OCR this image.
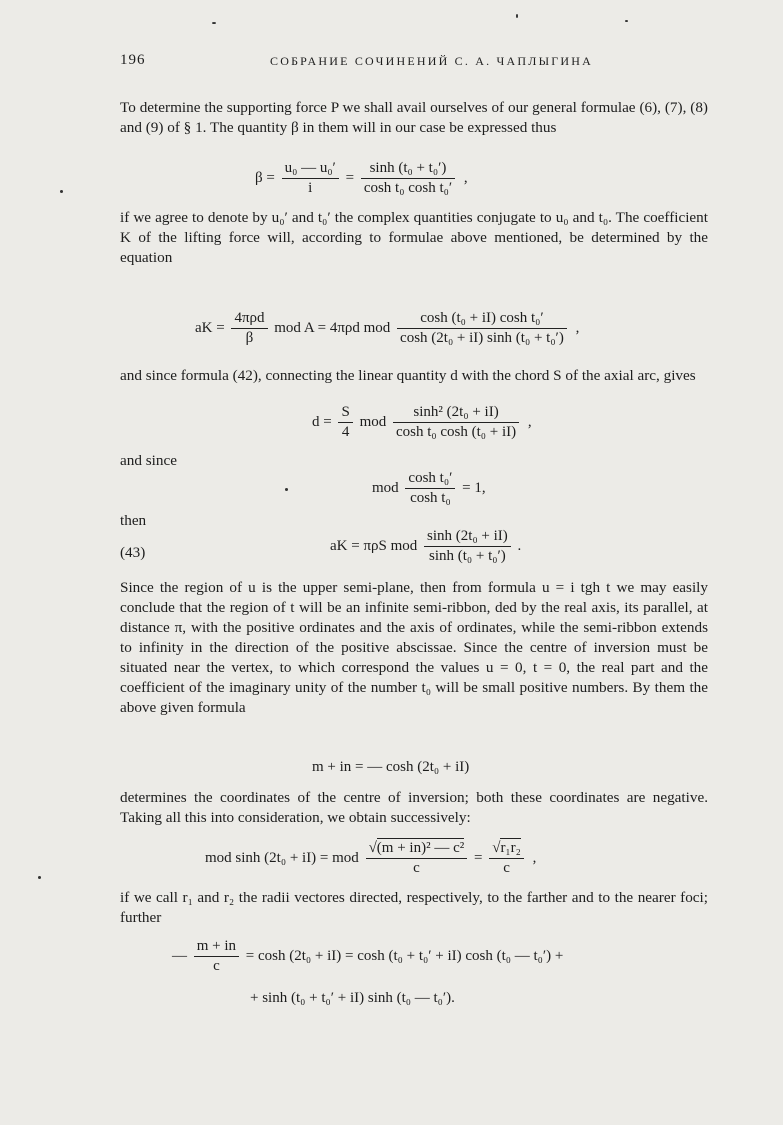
196	СОБРАНИЕ СОЧИНЕНИЙ С. А. ЧАПЛЫГИНА

To determine the supporting force P we shall avail ourselves of our general formulae (6), (7), (8) and (9) of § 1. The quantity β in them will in our case be expressed thus

$\beta = \frac{\text{u₀ — u₀′}}{i} = \frac{\text{sinh (t₀ + t₀′)}}{\text{cosh t₀ cosh t₀′}}$ ,

if we agree to denote by u₀′ and t₀′ the complex quantities conjugate to u₀ and t₀. The coefficient K of the lifting force will, according to formulae above mentioned, be determined by the equation

aK = $\frac{\text{4πρd}}{\beta}$ mod A = 4πρd mod $\frac{\text{cosh (t₀ + iI) cosh t₀′}}{\text{cosh (2t₀ + iI) sinh (t₀ + t₀′)}}$ ,

and since formula (42), connecting the linear quantity d with the chord S of the axial arc, gives

$d = \frac{S}{4}$ mod $\frac{\text{sinh² (2t₀ + iI)}}{\text{cosh t₀ cosh (t₀ + iI)}}$ ,
and since
mod $\frac{\text{cosh t₀′}}{\text{cosh t₀}} = 1$,
then
(43)	aK = πρS mod $\frac{\text{sinh (2t₀ + iI)}}{\text{sinh (t₀ + t₀′)}}$ .

Since the region of u is the upper semi-plane, then from formula u = i tgh t we may easily conclude that the region of t will be an infinite semi-ribbon, ded by the real axis, its parallel, at distance π, with the positive ordinates and the axis of ordinates, while the semi-ribbon extends to infinity in the direction of the positive abscissae. Since the centre of inversion must be situated near the vertex, to which correspond the values u = 0, t = 0, the real part and the coefficient of the imaginary unity of the number t₀ will be small positive numbers. By them the above given formula

m + in = — cosh (2t₀ + iI)

determines the coordinates of the centre of inversion; both these coordinates are negative. Taking all this into consideration, we obtain successively:

mod sinh (2t₀ + iI) = mod $\frac{\text{√(m + in)² — c²}}{c} = \frac{\text{√r₁r₂}}{c}$ ,

if we call r₁ and r₂ the radii vectores directed, respectively, to the farther and to the nearer foci; further

— $\frac{m + in}{c} = \cosh (2t_0 + iI) = \cosh (t_0 + t_0' + iI)$ cosh (t₀ — t₀′) +
+ sinh (t₀ + t₀′ + iI) sinh (t₀ — t₀′).
